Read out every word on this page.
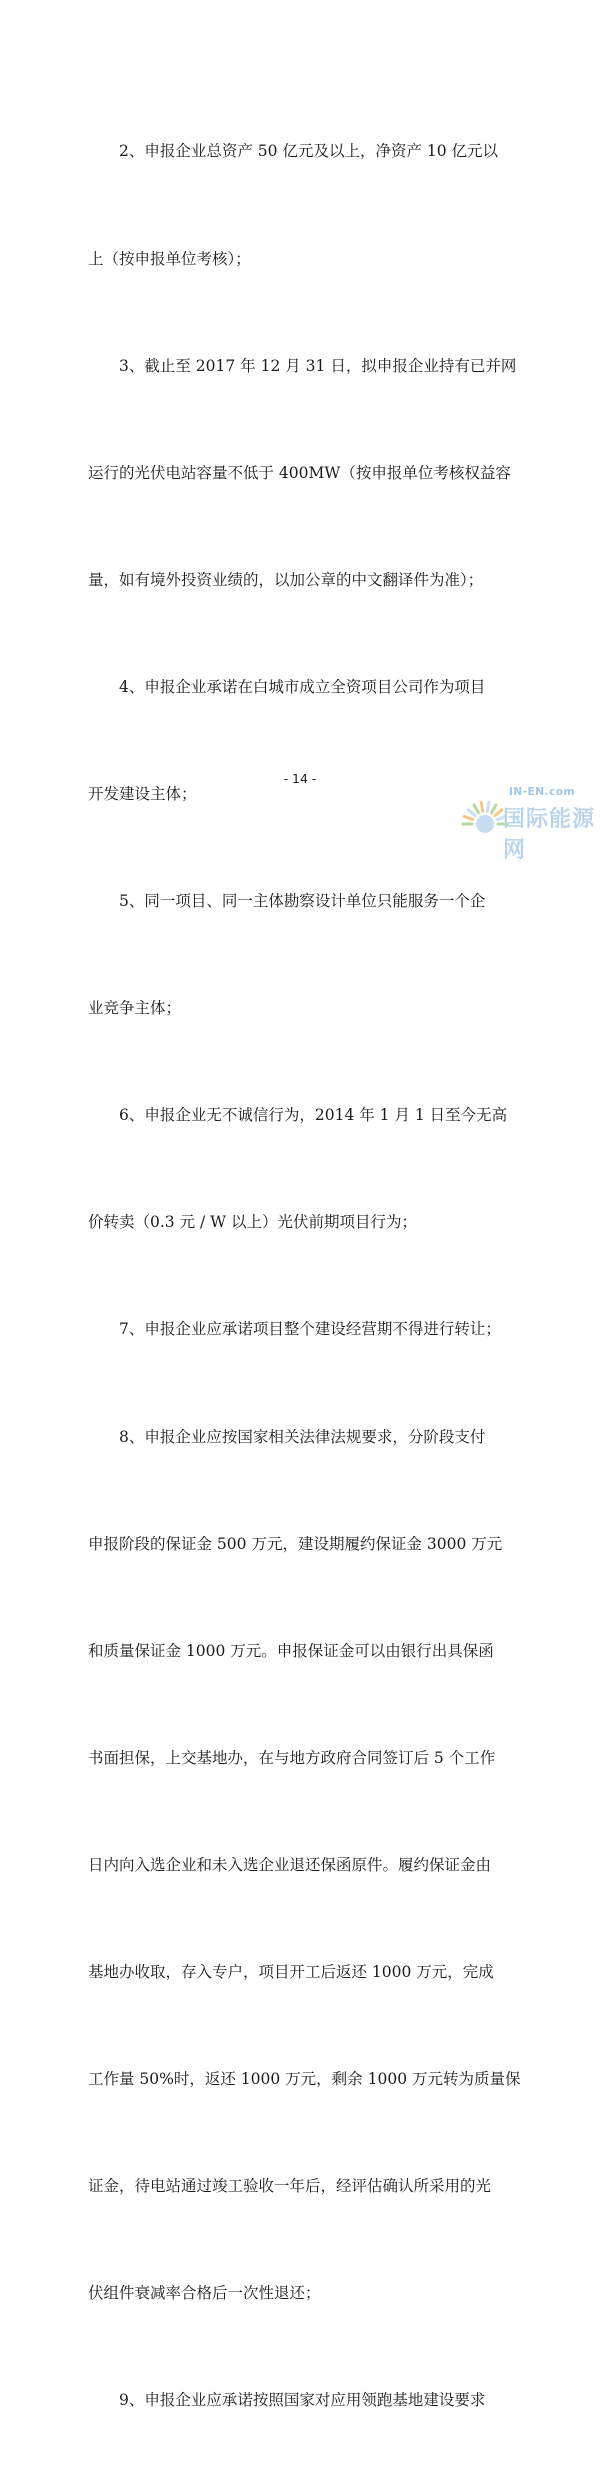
2、申报企业总资产 50 亿元及以上，净资产 10 亿元以

上（按申报单位考核）；

3、截止至 2017 年 12 月 31 日，拟申报企业持有已并网

运行的光伏电站容量不低于 400MW（按申报单位考核权益容

量，如有境外投资业绩的，以加公章的中文翻译件为准）；

4、申报企业承诺在白城市成立全资项目公司作为项目

开发建设主体；

5、同一项目、同一主体勘察设计单位只能服务一个企

业竞争主体；

6、申报企业无不诚信行为，2014 年 1 月 1 日至今无高

价转卖（0.3 元 / W 以上）光伏前期项目行为；

7、申报企业应承诺项目整个建设经营期不得进行转让；

8、申报企业应按国家相关法律法规要求，分阶段支付

申报阶段的保证金 500 万元，建设期履约保证金 3000 万元

和质量保证金 1000 万元。申报保证金可以由银行出具保函

书面担保，上交基地办，在与地方政府合同签订后 5 个工作

日内向入选企业和未入选企业退还保函原件。履约保证金由

基地办收取，存入专户，项目开工后返还 1000 万元，完成

工作量 50%时，返还 1000 万元，剩余 1000 万元转为质量保

证金，待电站通过竣工验收一年后，经评估确认所采用的光

伏组件衰减率合格后一次性退还；

9、申报企业应承诺按照国家对应用领跑基地建设要求

- 14 -
IN-EN.com
国际能源网
